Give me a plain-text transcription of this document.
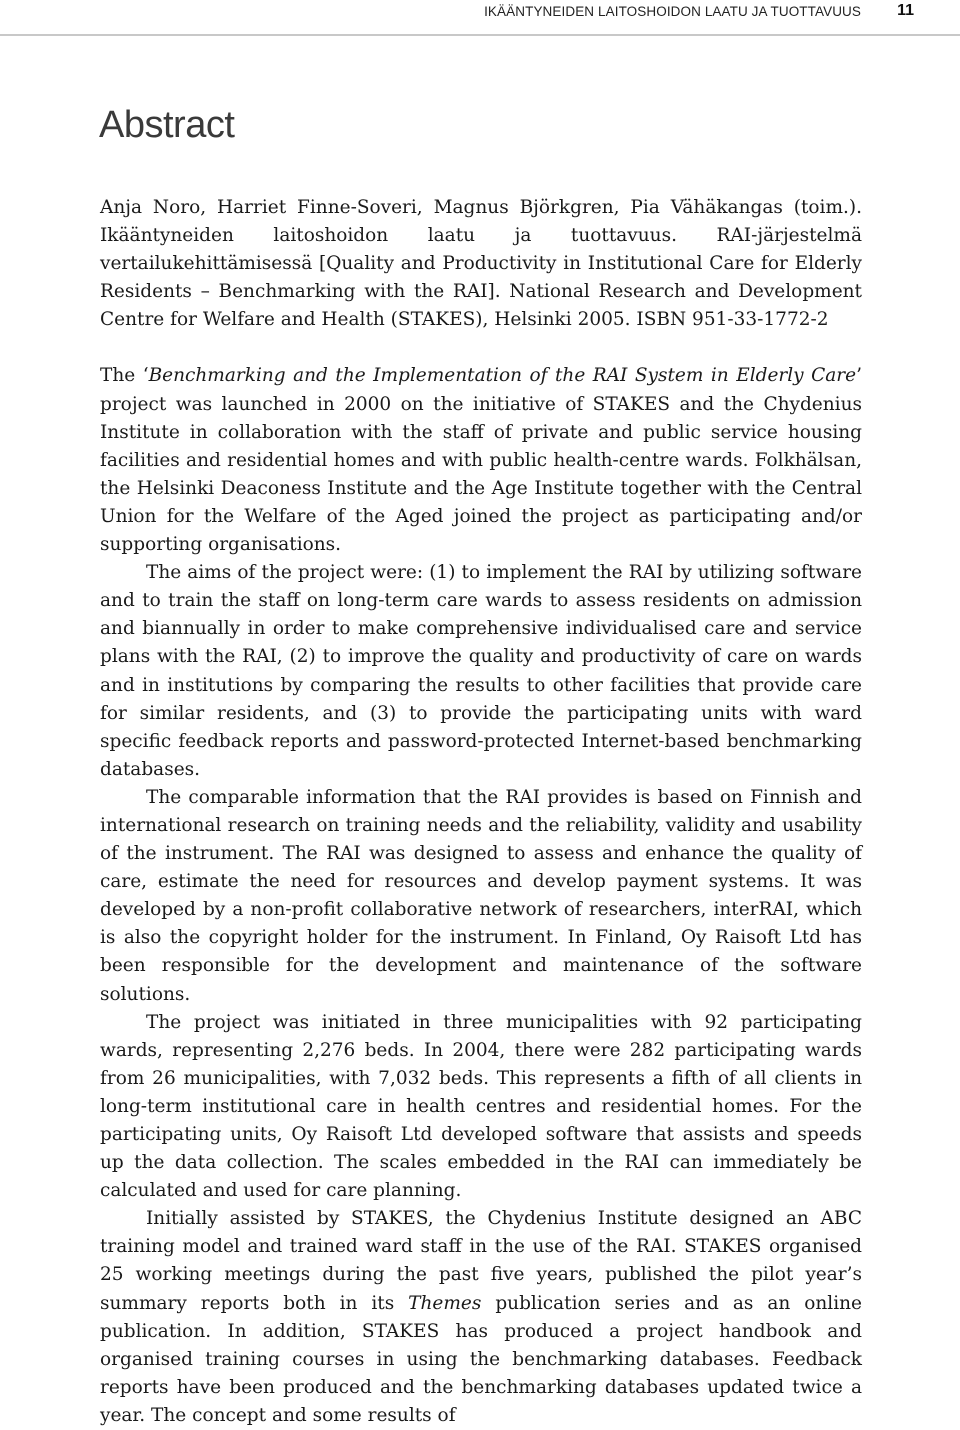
IKÄÄNTYNEIDEN LAITOSHOIDON LAATU JA TUOTTAVUUS 11
Abstract

Anja Noro, Harriet Finne-Soveri, Magnus Björkgren, Pia Vähäkangas (toim.). Ikääntyneiden laitoshoidon laatu ja tuottavuus. RAI-järjestelmä vertailukehittämisessä [Quality and Productivity in Institutional Care for Elderly Residents – Benchmarking with the RAI]. National Research and Development Centre for Welfare and Health (STAKES), Helsinki 2005. ISBN 951-33-1772-2

The ‘Benchmarking and the Implementation of the RAI System in Elderly Care’ project was launched in 2000 on the initiative of STAKES and the Chydenius Institute in collaboration with the staff of private and public service housing facilities and residential homes and with public health-centre wards. Folkhälsan, the Helsinki Deaconess Institute and the Age Institute together with the Central Union for the Welfare of the Aged joined the project as participating and/or supporting organisations.

The aims of the project were: (1) to implement the RAI by utilizing software and to train the staff on long-term care wards to assess residents on admission and biannually in order to make comprehensive individualised care and service plans with the RAI, (2) to improve the quality and productivity of care on wards and in institutions by comparing the results to other facilities that provide care for similar residents, and (3) to provide the participating units with ward specific feedback reports and password-protected Internet-based benchmarking databases.

The comparable information that the RAI provides is based on Finnish and international research on training needs and the reliability, validity and usability of the instrument. The RAI was designed to assess and enhance the quality of care, estimate the need for resources and develop payment systems. It was developed by a non-profit collaborative network of researchers, interRAI, which is also the copyright holder for the instrument. In Finland, Oy Raisoft Ltd has been responsible for the development and maintenance of the software solutions.

The project was initiated in three municipalities with 92 participating wards, representing 2,276 beds. In 2004, there were 282 participating wards from 26 municipalities, with 7,032 beds. This represents a fifth of all clients in long-term institutional care in health centres and residential homes. For the participating units, Oy Raisoft Ltd developed software that assists and speeds up the data collection. The scales embedded in the RAI can immediately be calculated and used for care planning.

Initially assisted by STAKES, the Chydenius Institute designed an ABC training model and trained ward staff in the use of the RAI. STAKES organised 25 working meetings during the past five years, published the pilot year’s summary reports both in its Themes publication series and as an online publication. In addition, STAKES has produced a project handbook and organised training courses in using the benchmarking databases. Feedback reports have been produced and the benchmarking databases updated twice a year. The concept and some results of
